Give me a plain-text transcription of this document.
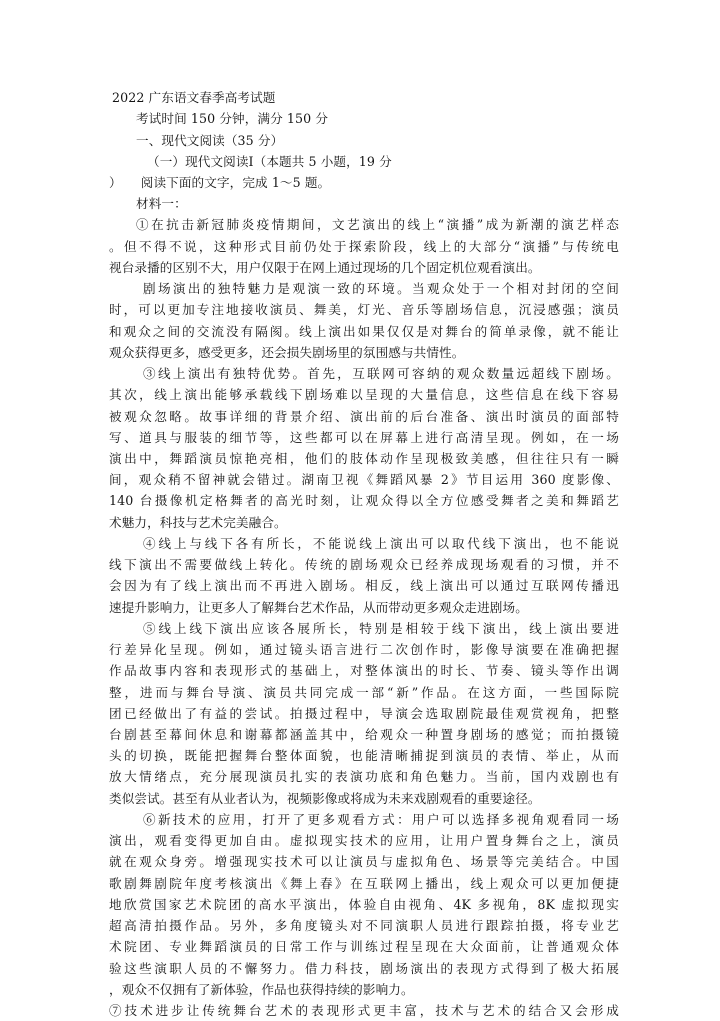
2022 广东语文春季高考试题
考试时间 150 分钟，满分 150 分
一、现代文阅读（35 分）
（一）现代文阅读Ⅰ（本题共 5 小题，19 分
）　　阅读下面的文字，完成 1～5 题。
材料一：
①在抗击新冠肺炎疫情期间，文艺演出的线上“演播”成为新潮的演艺样态
。但不得不说，这种形式目前仍处于探索阶段，线上的大部分“演播”与传统电
视台录播的区别不大，用户仅限于在网上通过现场的几个固定机位观看演出。
剧场演出的独特魅力是观演一致的环境。当观众处于一个相对封闭的空间
时，可以更加专注地接收演员、舞美，灯光、音乐等剧场信息，沉浸感强；演员
和观众之间的交流没有隔阂。线上演出如果仅仅是对舞台的简单录像，就不能让
观众获得更多，感受更多，还会损失剧场里的氛围感与共情性。
③线上演出有独特优势。首先，互联网可容纳的观众数量远超线下剧场。
其次，线上演出能够承载线下剧场难以呈现的大量信息，这些信息在线下容易
被观众忽略。故事详细的背景介绍、演出前的后台准备、演出时演员的面部特
写、道具与服装的细节等，这些都可以在屏幕上进行高清呈现。例如，在一场
演出中，舞蹈演员惊艳亮相，他们的肢体动作呈现极致美感，但往往只有一瞬
间，观众稍不留神就会错过。湖南卫视《舞蹈风暴 2》节目运用 360 度影像、
140 台摄像机定格舞者的高光时刻，让观众得以全方位感受舞者之美和舞蹈艺
术魅力，科技与艺术完美融合。
④线上与线下各有所长，不能说线上演出可以取代线下演出，也不能说
线下演出不需要做线上转化。传统的剧场观众已经养成现场观看的习惯，并不
会因为有了线上演出而不再进入剧场。相反，线上演出可以通过互联网传播迅
速提升影响力，让更多人了解舞台艺术作品，从而带动更多观众走进剧场。
⑤线上线下演出应该各展所长，特别是相较于线下演出，线上演出要进
行差异化呈现。例如，通过镜头语言进行二次创作时，影像导演要在准确把握
作品故事内容和表现形式的基础上，对整体演出的时长、节奏、镜头等作出调
整，进而与舞台导演、演员共同完成一部“新”作品。在这方面，一些国际院
团已经做出了有益的尝试。拍摄过程中，导演会选取剧院最佳观赏视角，把整
台剧甚至幕间休息和谢幕都涵盖其中，给观众一种置身剧场的感觉；而拍摄镜
头的切换，既能把握舞台整体面貌，也能清晰捕捉到演员的表情、举止，从而
放大情绪点，充分展现演员扎实的表演功底和角色魅力。当前，国内戏剧也有
类似尝试。甚至有从业者认为，视频影像或将成为未来戏剧观看的重要途径。
⑥新技术的应用，打开了更多观看方式：用户可以选择多视角观看同一场
演出，观看变得更加自由。虚拟现实技术的应用，让用户置身舞台之上，演员
就在观众身旁。增强现实技术可以让演员与虚拟角色、场景等完美结合。中国
歌剧舞剧院年度考核演出《舞上春》在互联网上播出，线上观众可以更加便捷
地欣赏国家艺术院团的高水平演出，体验自由视角、4K 多视角，8K 虚拟现实
超高清拍摄作品。另外，多角度镜头对不同演职人员进行跟踪拍摄，将专业艺
术院团、专业舞蹈演员的日常工作与训练过程呈现在大众面前，让普通观众体
验这些演职人员的不懈努力。借力科技，剧场演出的表现方式得到了极大拓展
，观众不仅拥有了新体验，作品也获得持续的影响力。
⑦技术进步让传统舞台艺术的表现形式更丰富，技术与艺术的结合又会形成
